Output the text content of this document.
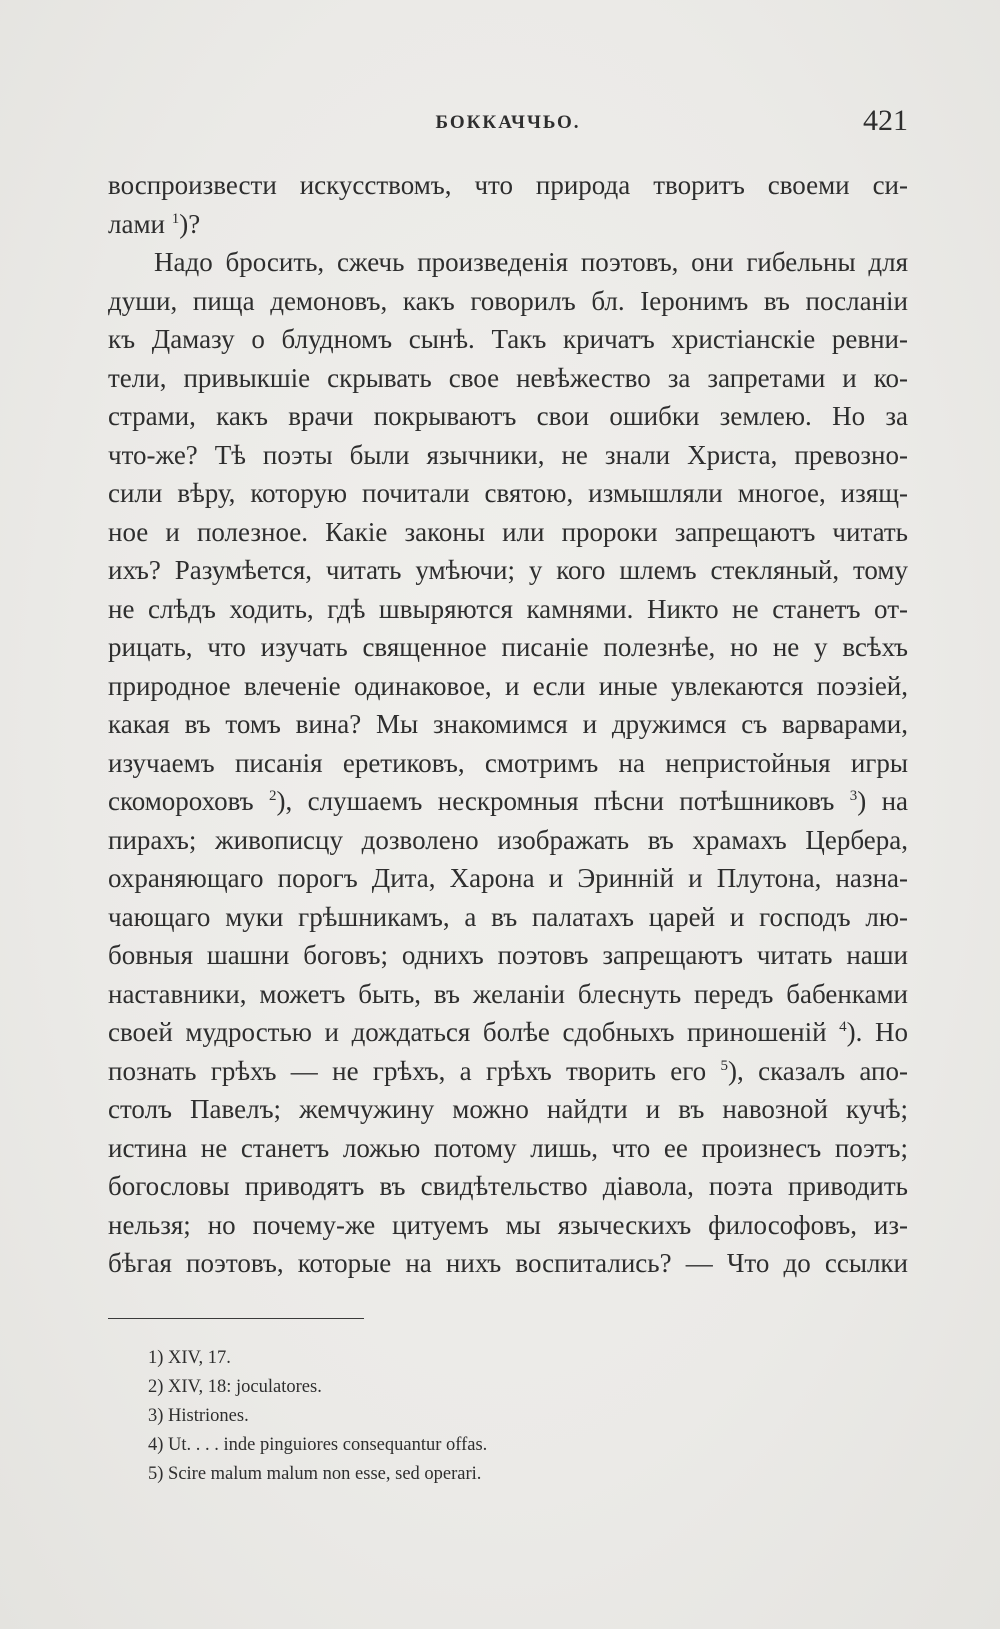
БОККАЧЧЬО.	421
воспроизвести искусствомъ, что природа творитъ своеми си-
лами $^1$)?
Надо бросить, сжечь произведенія поэтовъ, они гибельны для
души, пища демоновъ, какъ говорилъ бл. Іеронимъ въ посланіи
къ Дамазу о блудномъ сынѣ. Такъ кричатъ христіанскіе ревни-
тели, привыкшіе скрывать свое невѣжество за запретами и ко-
страми, какъ врачи покрываютъ свои ошибки землею. Но за
что-же? Тѣ поэты были язычники, не знали Христа, превозно-
сили вѣру, которую почитали святою, измышляли многое, изящ-
ное и полезное. Какіе законы или пророки запрещаютъ читать
ихъ? Разумѣется, читать умѣючи; у кого шлемъ стекляный, тому
не слѣдъ ходить, гдѣ швыряются камнями. Никто не станетъ от-
рицать, что изучать священное писаніе полезнѣе, но не у всѣхъ
природное влеченіе одинаковое, и если иные увлекаются поэзіей,
какая въ томъ вина? Мы знакомимся и дружимся съ варварами,
изучаемъ писанія еретиковъ, смотримъ на непристойныя игры
скомороховъ $^2$), слушаемъ нескромныя пѣсни потѣшниковъ $^3$) на
пирахъ; живописцу дозволено изображать въ храмахъ Цербера,
охраняющаго порогъ Дита, Харона и Эринній и Плутона, назна-
чающаго муки грѣшникамъ, а въ палатахъ царей и господъ лю-
бовныя шашни боговъ; однихъ поэтовъ запрещаютъ читать наши
наставники, можетъ быть, въ желаніи блеснуть передъ бабенками
своей мудростью и дождаться болѣе сдобныхъ приношеній $^4$). Но
познать грѣхъ — не грѣхъ, а грѣхъ творить его $^5$), сказалъ апо-
столъ Павелъ; жемчужину можно найдти и въ навозной кучѣ;
истина не станетъ ложью потому лишь, что ее произнесъ поэтъ;
богословы приводятъ въ свидѣтельство діавола, поэта приводить
нельзя; но почему-же цитуемъ мы языческихъ философовъ, из-
бѣгая поэтовъ, которые на нихъ воспитались? — Что до ссылки
1) XIV, 17.
2) XIV, 18: joculatores.
3) Histriones.
4) Ut. . . . inde pinguiores consequantur offas.
5) Scire malum malum non esse, sed operari.
